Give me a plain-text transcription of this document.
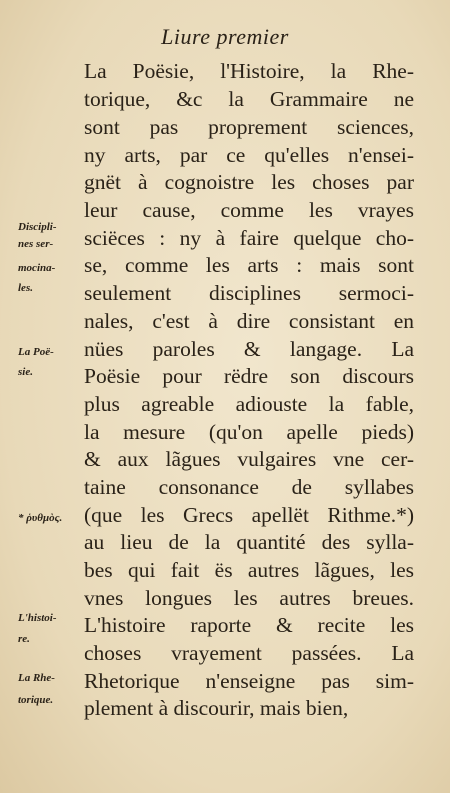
Liure premier
La Poësie, l'Histoire, la Rhe-
torique, &c la Grammaire ne
sont pas proprement sciences,
ny arts, par ce qu'elles n'ensei-
gnët à cognoistre les choses par
leur cause, comme les vrayes
sciëces : ny à faire quelque cho-
se, comme les arts : mais sont
seulement disciplines sermoci-
nales, c'est à dire consistant en
nües paroles & langage. La
Poësie pour rëdre son discours
plus agreable adiouste la fable,
la mesure (qu'on apelle pieds)
& aux lãgues vulgaires vne cer-
taine consonance de syllabes
(que les Grecs apellët Rithme.*)
au lieu de la quantité des sylla-
bes qui fait ës autres lãgues, les
vnes longues les autres breues.
L'histoire raporte & recite les
choses vrayement passées. La
Rhetorique n'enseigne pas sim-
plement à discourir, mais bien,
Discipli-
nes ser-
mocina-
les.
La Poë-
sie.
* ῥυθμὸς.
L'histoi-
re.
La Rhe-
torique.
